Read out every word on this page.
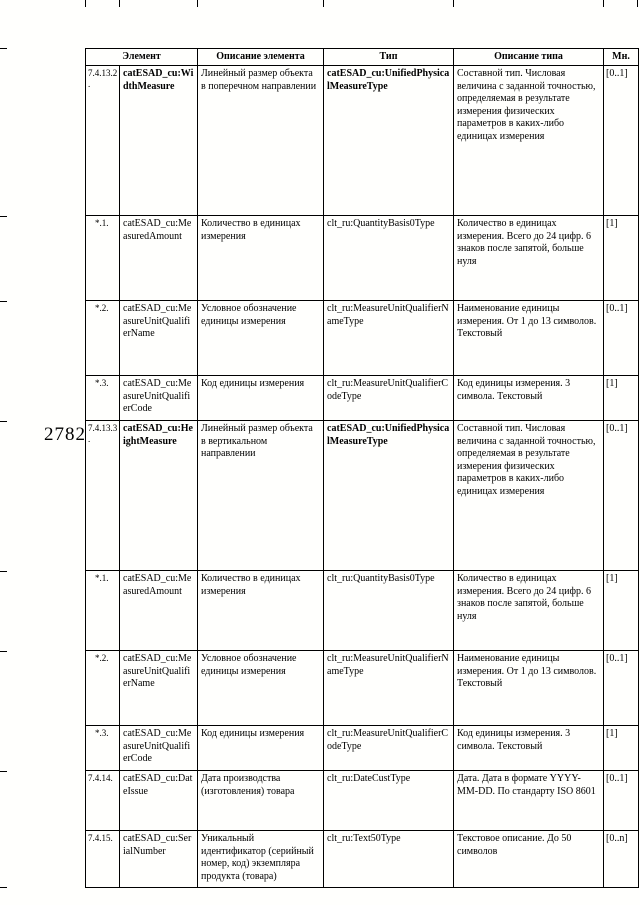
2782
Элемент		Описание элемента	Тип	Описание типа	Мн.
7.4.13.2.	catESAD_cu:WidthMeasure	Линейный размер объекта в поперечном направлении	catESAD_cu:UnifiedPhysicalMeasureType	Составной тип. Числовая величина с заданной точностью, определяемая в результате измерения физических параметров в каких-либо единицах измерения	[0..1]
*.1.	catESAD_cu:MeasuredAmount	Количество в единицах измерения	clt_ru:QuantityBasis0Type	Количество в единицах измерения. Всего до 24 цифр. 6 знаков после запятой, больше нуля	[1]
*.2.	catESAD_cu:MeasureUnitQualifierName	Условное обозначение единицы измерения	clt_ru:MeasureUnitQualifierNameType	Наименование единицы измерения. От 1 до 13 символов. Текстовый	[0..1]
*.3.	catESAD_cu:MeasureUnitQualifierCode	Код единицы измерения	clt_ru:MeasureUnitQualifierCodeType	Код единицы измерения. 3 символа. Текстовый	[1]
7.4.13.3.	catESAD_cu:HeightMeasure	Линейный размер объекта в вертикальном направлении	catESAD_cu:UnifiedPhysicalMeasureType	Составной тип. Числовая величина с заданной точностью, определяемая в результате измерения физических параметров в каких-либо единицах измерения	[0..1]
*.1.	catESAD_cu:MeasuredAmount	Количество в единицах измерения	clt_ru:QuantityBasis0Type	Количество в единицах измерения. Всего до 24 цифр. 6 знаков после запятой, больше нуля	[1]
*.2.	catESAD_cu:MeasureUnitQualifierName	Условное обозначение единицы измерения	clt_ru:MeasureUnitQualifierNameType	Наименование единицы измерения. От 1 до 13 символов. Текстовый	[0..1]
*.3.	catESAD_cu:MeasureUnitQualifierCode	Код единицы измерения	clt_ru:MeasureUnitQualifierCodeType	Код единицы измерения. 3 символа. Текстовый	[1]
7.4.14.	catESAD_cu:DateIssue	Дата производства (изготовления) товара	clt_ru:DateCustType	Дата. Дата в формате YYYY-MM-DD. По стандарту ISO 8601	[0..1]
7.4.15.	catESAD_cu:SerialNumber	Уникальный идентификатор (серийный номер, код) экземпляра продукта (товара)	clt_ru:Text50Type	Текстовое описание. До 50 символов	[0..n]
